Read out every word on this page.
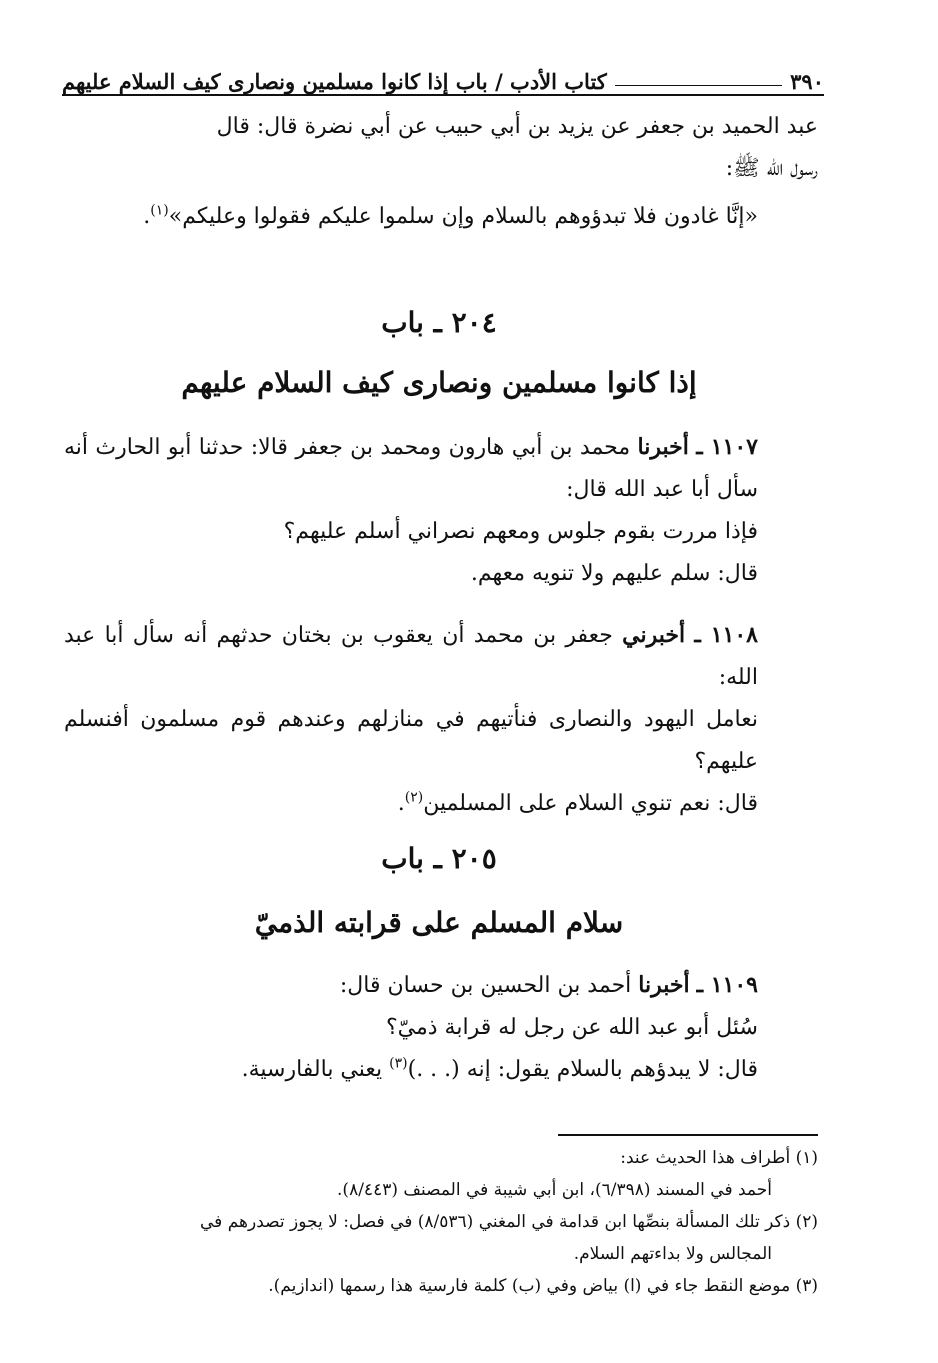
٣٩٠
كتاب الأدب / باب إذا كانوا مسلمين ونصارى كيف السلام عليهم

عبد الحميد بن جعفر عن يزيد بن أبي حبيب عن أبي نضرة قال: قال

رسول الله ﷺ:

«إنَّا غادون فلا تبدؤوهم بالسلام وإن سلموا عليكم فقولوا وعليكم»$^{(١)}$.

٢٠٤ ـ باب
إذا كانوا مسلمين ونصارى كيف السلام عليهم

١١٠٧ ـ أخبرنا محمد بن أبي هارون ومحمد بن جعفر قالا: حدثنا أبو الحارث أنه سأل أبا عبد الله قال:

فإذا مررت بقوم جلوس ومعهم نصراني أسلم عليهم؟

قال: سلم عليهم ولا تنويه معهم.

١١٠٨ ـ أخبرني جعفر بن محمد أن يعقوب بن بختان حدثهم أنه سأل أبا عبد الله:

نعامل اليهود والنصارى فنأتيهم في منازلهم وعندهم قوم مسلمون أفنسلم عليهم؟

قال: نعم تنوي السلام على المسلمين$^{(٢)}$.

٢٠٥ ـ باب
سلام المسلم على قرابته الذميّ

١١٠٩ ـ أخبرنا أحمد بن الحسين بن حسان قال:

سُئل أبو عبد الله عن رجل له قرابة ذميّ؟

قال: لا يبدؤهم بالسلام يقول: إنه (. . .)$^{(٣)}$ يعني بالفارسية.

(١) أطراف هذا الحديث عند:

أحمد في المسند (٦/٣٩٨)، ابن أبي شيبة في المصنف (٨/٤٤٣).

(٢) ذكر تلك المسألة بنصِّها ابن قدامة في المغني (٨/٥٣٦) في فصل: لا يجوز تصدرهم في

المجالس ولا بداءتهم السلام.

(٣) موضع النقط جاء في (ا) بياض وفي (ب) كلمة فارسية هذا رسمها (اندازيم).
